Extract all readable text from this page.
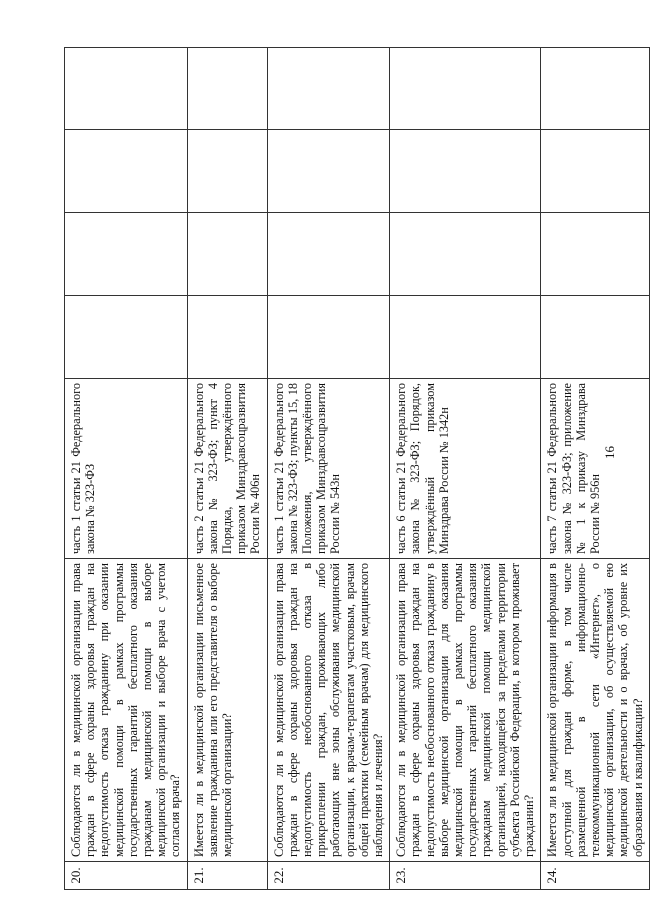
16
20.	Соблюдаются ли в медицинской организации права граждан в сфере охраны здоровья граждан на недопустимость отказа гражданину при оказании медицинской помощи в рамках программы государственных гарантий бесплатного оказания гражданам медицинской помощи в выборе медицинской организации и выборе врача с учетом согласия врача?	часть 1 статьи 21 Федерального закона № 323-ФЗ				
21.	Имеется ли в медицинской организации письменное заявление гражданина или его представителя о выборе медицинской организации?	часть 2 статьи 21 Федерального закона № 323-ФЗ; пункт 4 Порядка, утверждённого приказом Минздравсоцразвития России № 406н				
22.	Соблюдаются ли в медицинской организации права граждан в сфере охраны здоровья граждан на недопустимость необоснованного отказа в прикреплении граждан, проживающих либо работающих вне зоны обслуживания медицинской организации, к врачам-терапевтам участковым, врачам общей практики (семейным врачам) для медицинского наблюдения и лечения?	часть 1 статьи 21 Федерального закона № 323-ФЗ; пункты 15, 18 Положения, утверждённого приказом Минздравсоцразвития России № 543н				
23.	Соблюдаются ли в медицинской организации права граждан в сфере охраны здоровья граждан на недопустимость необоснованного отказа гражданину в выборе медицинской организации для оказания медицинской помощи в рамках программы государственных гарантий бесплатного оказания гражданам медицинской помощи медицинской организацией, находящейся за пределами территории субъекта Российской Федерации, в котором проживает гражданин?	часть 6 статьи 21 Федерального закона № 323-ФЗ; Порядок, утверждённый приказом Минздрава России № 1342н				
24.	Имеется ли в медицинской организации информация в доступной для граждан форме, в том числе размещенной в информационно-телекоммуникационной сети «Интернет», о медицинской организации, об осуществляемой ею медицинской деятельности и о врачах, об уровне их образования и квалификации?	часть 7 статьи 21 Федерального закона № 323-ФЗ; приложение № 1 к приказу Минздрава России № 956н				
